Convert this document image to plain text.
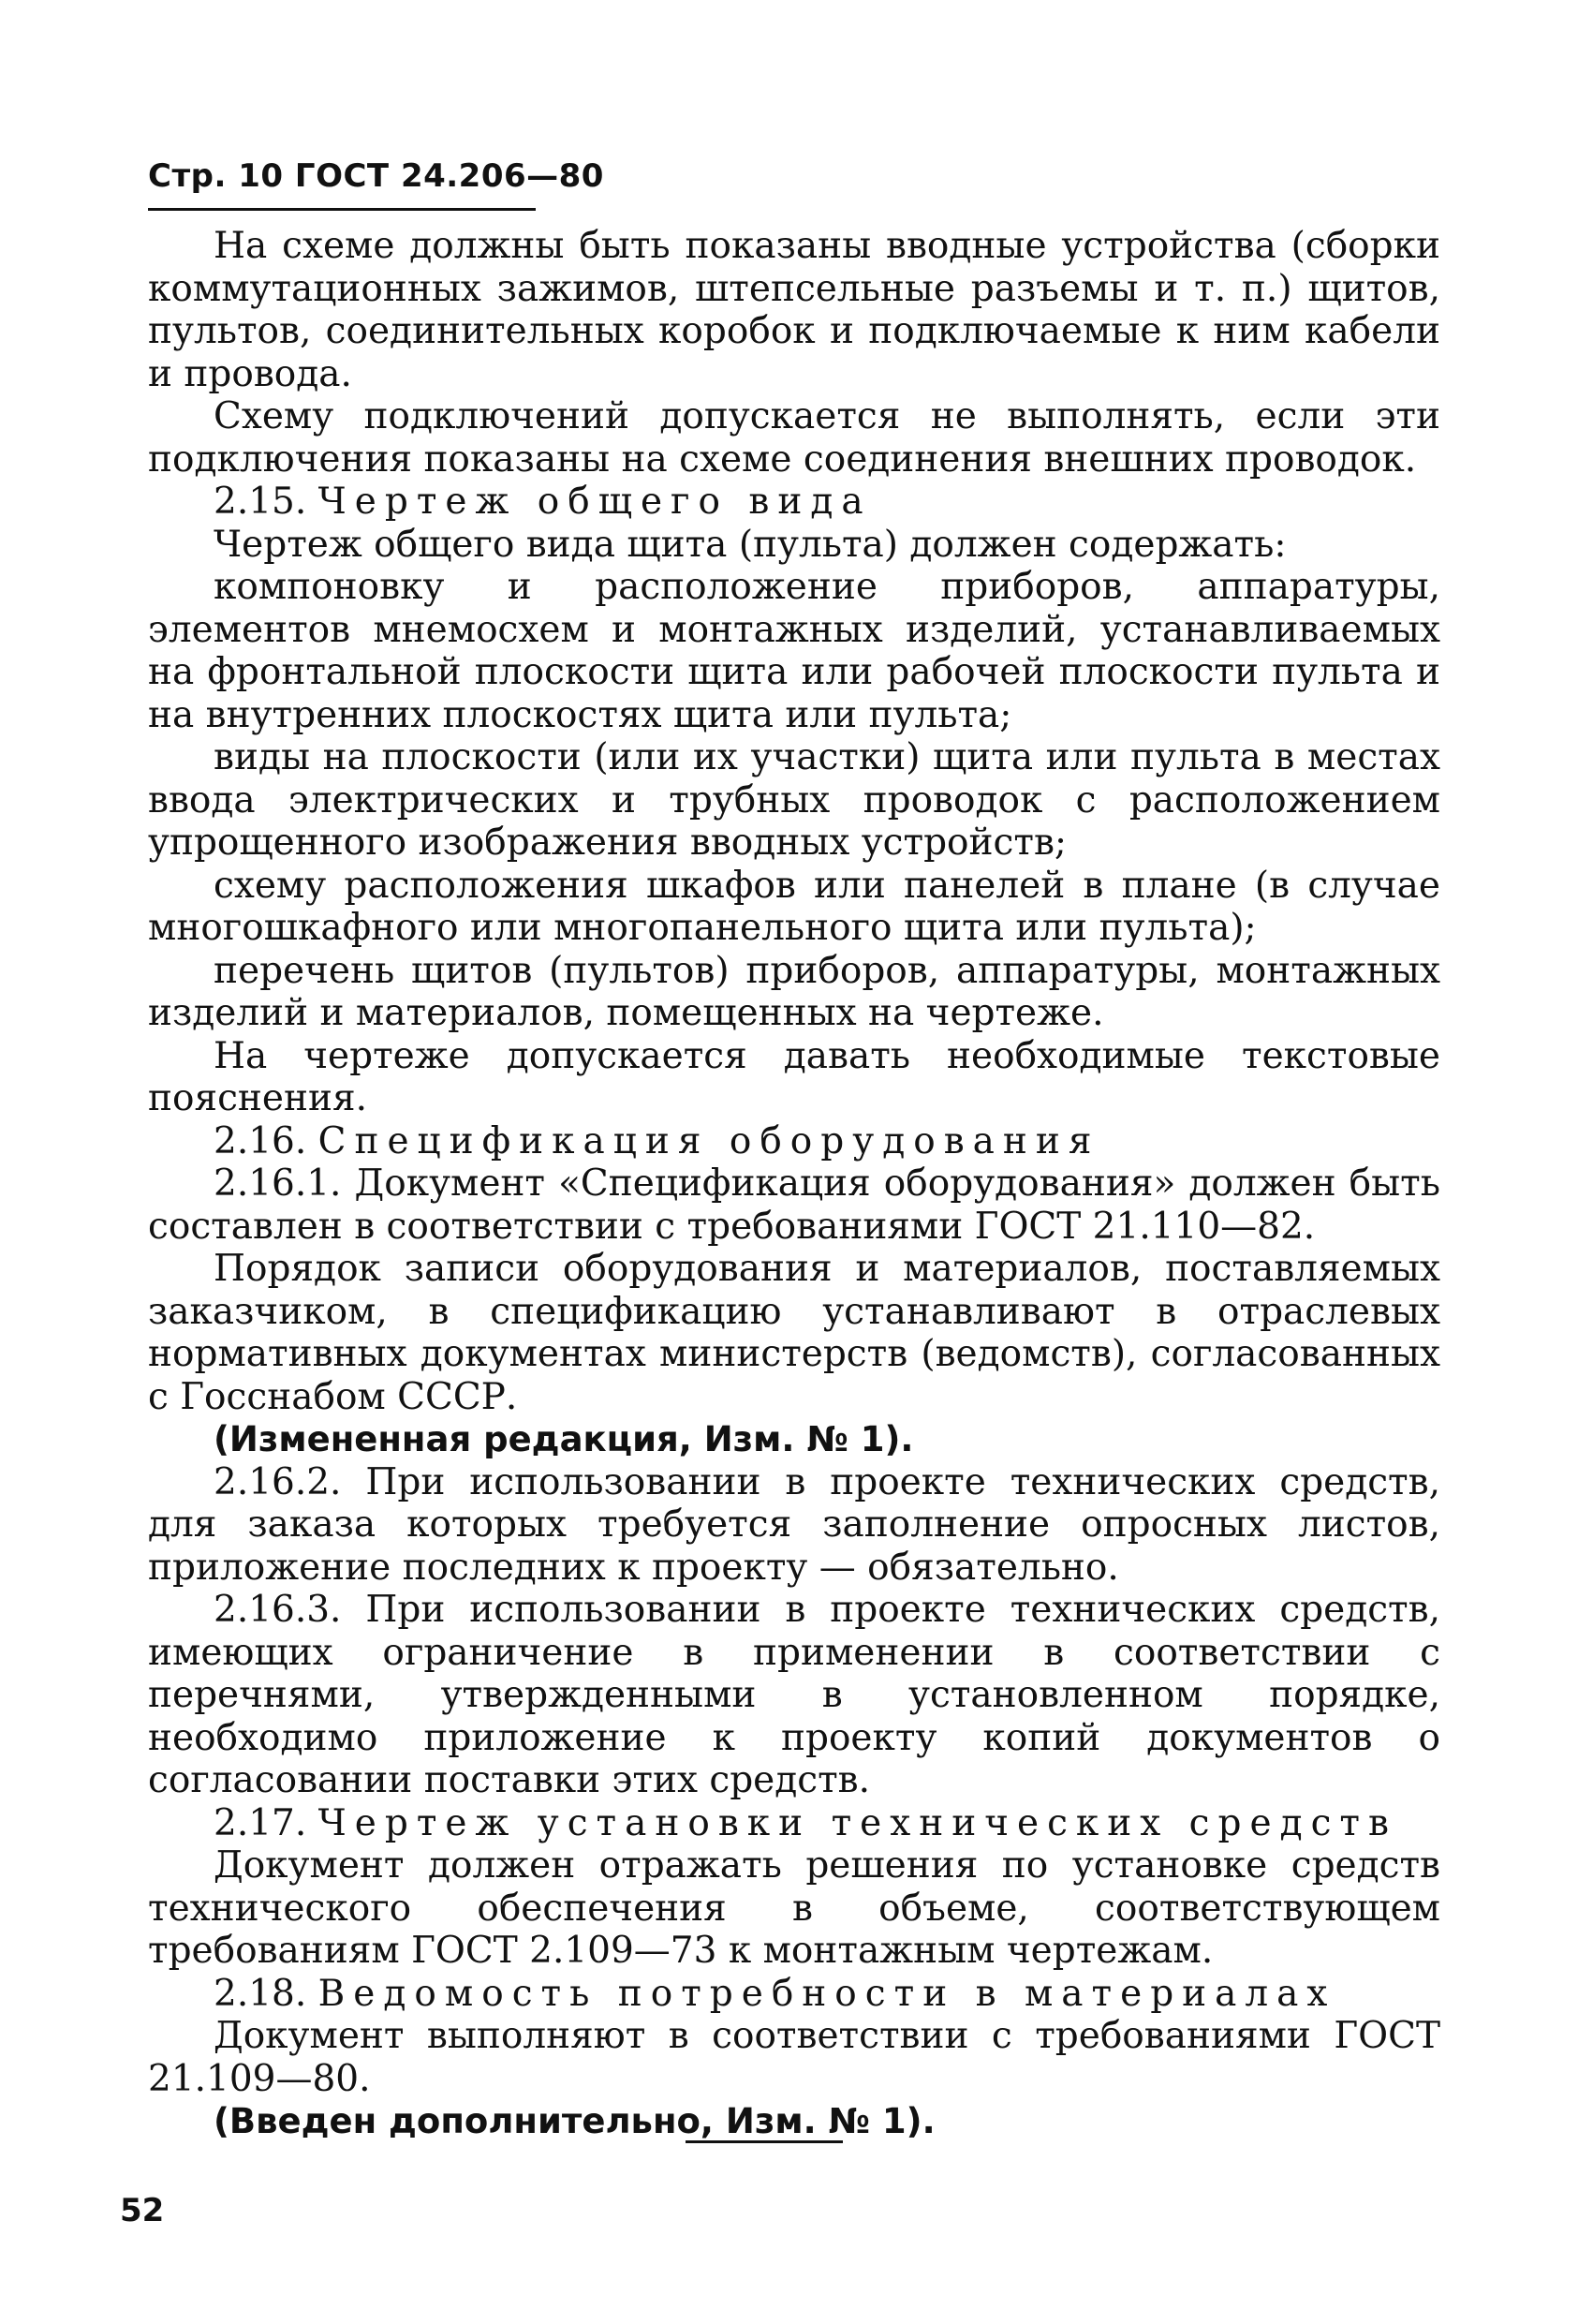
Стр. 10 ГОСТ 24.206—80

На схеме должны быть показаны вводные устройства (сборки коммутационных зажимов, штепсельные разъемы и т. п.) щитов, пультов, соединительных коробок и подключаемые к ним кабели и провода.

Схему подключений допускается не выполнять, если эти подключения показаны на схеме соединения внешних проводок.

2.15. Чертеж общего вида

Чертеж общего вида щита (пульта) должен содержать:

компоновку и расположение приборов, аппаратуры, элементов мнемосхем и монтажных изделий, устанавливаемых на фронтальной плоскости щита или рабочей плоскости пульта и на внутренних плоскостях щита или пульта;

виды на плоскости (или их участки) щита или пульта в местах ввода электрических и трубных проводок с расположением упрощенного изображения вводных устройств;

схему расположения шкафов или панелей в плане (в случае многошкафного или многопанельного щита или пульта);

перечень щитов (пультов) приборов, аппаратуры, монтажных изделий и материалов, помещенных на чертеже.

На чертеже допускается давать необходимые текстовые пояснения.

2.16. Спецификация оборудования

2.16.1. Документ «Спецификация оборудования» должен быть составлен в соответствии с требованиями ГОСТ 21.110—82.

Порядок записи оборудования и материалов, поставляемых заказчиком, в спецификацию устанавливают в отраслевых нормативных документах министерств (ведомств), согласованных с Госснабом СССР.

(Измененная редакция, Изм. № 1).

2.16.2. При использовании в проекте технических средств, для заказа которых требуется заполнение опросных листов, приложение последних к проекту — обязательно.

2.16.3. При использовании в проекте технических средств, имеющих ограничение в применении в соответствии с перечнями, утвержденными в установленном порядке, необходимо приложение к проекту копий документов о согласовании поставки этих средств.

2.17. Чертеж установки технических средств

Документ должен отражать решения по установке средств технического обеспечения в объеме, соответствующем требованиям ГОСТ 2.109—73 к монтажным чертежам.

2.18. Ведомость потребности в материалах

Документ выполняют в соответствии с требованиями ГОСТ 21.109—80.

(Введен дополнительно, Изм. № 1).

52
